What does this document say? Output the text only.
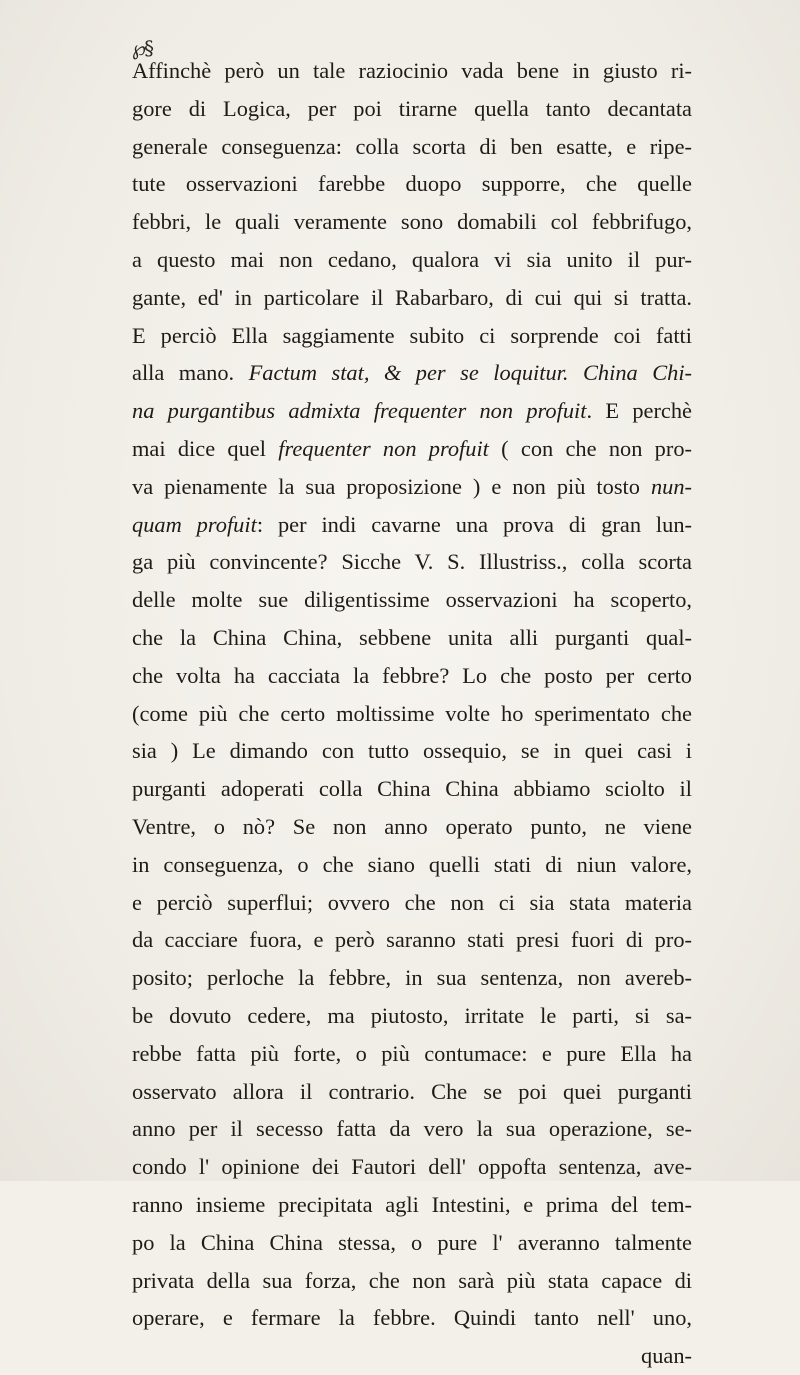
℘§
Affinchè però un tale raziocinio vada bene in giusto ri-
gore di Logica, per poi tirarne quella tanto decantata
generale conseguenza: colla scorta di ben esatte, e ripe-
tute osservazioni farebbe duopo supporre, che quelle
febbri, le quali veramente sono domabili col febbrifugo,
a questo mai non cedano, qualora vi sia unito il pur-
gante, ed' in particolare il Rabarbaro, di cui qui si tratta.
E perciò Ella saggiamente subito ci sorprende coi fatti
alla mano. Factum stat, & per se loquitur. China Chi-
na purgantibus admixta frequenter non profuit. E perchè
mai dice quel frequenter non profuit ( con che non pro-
va pienamente la sua proposizione ) e non più tosto nun-
quam profuit: per indi cavarne una prova di gran lun-
ga più convincente? Sicche V. S. Illustriss., colla scorta
delle molte sue diligentissime osservazioni ha scoperto,
che la China China, sebbene unita alli purganti qual-
che volta ha cacciata la febbre? Lo che posto per certo
(come più che certo moltissime volte ho sperimentato che
sia ) Le dimando con tutto ossequio, se in quei casi i
purganti adoperati colla China China abbiamo sciolto il
Ventre, o nò? Se non anno operato punto, ne viene
in conseguenza, o che siano quelli stati di niun valore,
e perciò superflui; ovvero che non ci sia stata materia
da cacciare fuora, e però saranno stati presi fuori di pro-
posito; perloche la febbre, in sua sentenza, non avereb-
be dovuto cedere, ma piutosto, irritate le parti, si sa-
rebbe fatta più forte, o più contumace: e pure Ella ha
osservato allora il contrario. Che se poi quei purganti
anno per il secesso fatta da vero la sua operazione, se-
condo l' opinione dei Fautori dell' oppofta sentenza, ave-
ranno insieme precipitata agli Intestini, e prima del tem-
po la China China stessa, o pure l' averanno talmente
privata della sua forza, che non sarà più stata capace di
operare, e fermare la febbre. Quindi tanto nell' uno,
quan-
